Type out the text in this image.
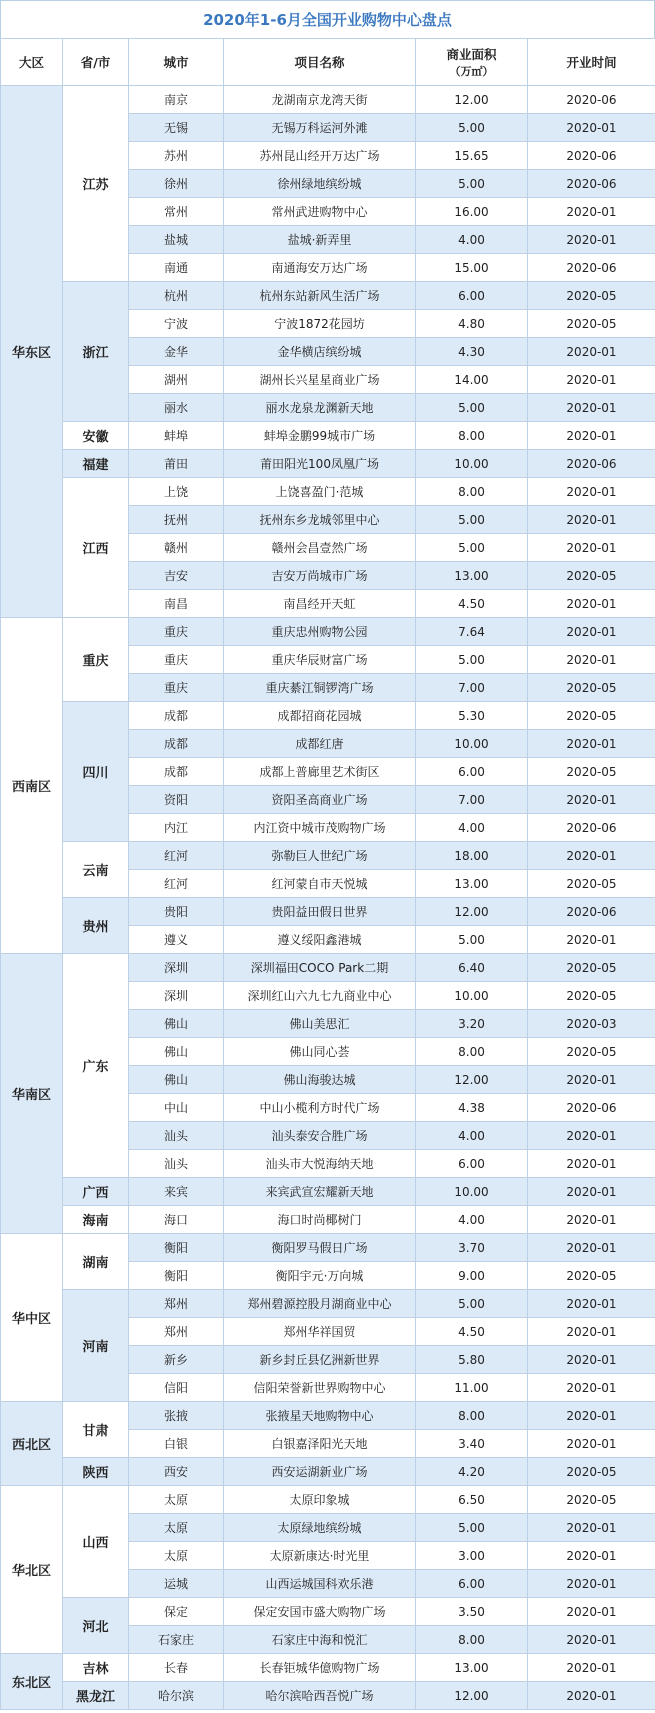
2020年1-6月全国开业购物中心盘点
大区	省/市	城市	项目名称	商业面积
（万㎡）	开业时间
华东区	江苏	南京	龙湖南京龙湾天街	12.00	2020-06
		无锡	无锡万科运河外滩	5.00	2020-01
		苏州	苏州昆山经开万达广场	15.65	2020-06
		徐州	徐州绿地缤纷城	5.00	2020-06
		常州	常州武进购物中心	16.00	2020-01
		盐城	盐城·新弄里	4.00	2020-01
		南通	南通海安万达广场	15.00	2020-06
	浙江	杭州	杭州东站新风生活广场	6.00	2020-05
		宁波	宁波1872花园坊	4.80	2020-05
		金华	金华横店缤纷城	4.30	2020-01
		湖州	湖州长兴星星商业广场	14.00	2020-01
		丽水	丽水龙泉龙渊新天地	5.00	2020-01
	安徽	蚌埠	蚌埠金鹏99城市广场	8.00	2020-01
	福建	莆田	莆田阳光100凤凰广场	10.00	2020-06
	江西	上饶	上饶喜盈门·范城	8.00	2020-01
		抚州	抚州东乡龙城邻里中心	5.00	2020-01
		赣州	赣州会昌壹然广场	5.00	2020-01
		吉安	吉安万尚城市广场	13.00	2020-05
		南昌	南昌经开天虹	4.50	2020-01
西南区	重庆	重庆	重庆忠州购物公园	7.64	2020-01
		重庆	重庆华辰财富广场	5.00	2020-01
		重庆	重庆綦江铜锣湾广场	7.00	2020-05
	四川	成都	成都招商花园城	5.30	2020-05
		成都	成都红唐	10.00	2020-01
		成都	成都上普廊里艺术街区	6.00	2020-05
		资阳	资阳圣高商业广场	7.00	2020-01
		内江	内江资中城市茂购物广场	4.00	2020-06
	云南	红河	弥勒巨人世纪广场	18.00	2020-01
		红河	红河蒙自市天悦城	13.00	2020-05
	贵州	贵阳	贵阳益田假日世界	12.00	2020-06
		遵义	遵义绥阳鑫港城	5.00	2020-01
华南区	广东	深圳	深圳福田COCO Park二期	6.40	2020-05
		深圳	深圳红山六九七九商业中心	10.00	2020-05
		佛山	佛山美思汇	3.20	2020-03
		佛山	佛山同心荟	8.00	2020-05
		佛山	佛山海骏达城	12.00	2020-01
		中山	中山小榄利方时代广场	4.38	2020-06
		汕头	汕头泰安合胜广场	4.00	2020-01
		汕头	汕头市大悦海纳天地	6.00	2020-01
	广西	来宾	来宾武宣宏耀新天地	10.00	2020-01
	海南	海口	海口时尚椰树门	4.00	2020-01
华中区	湖南	衡阳	衡阳罗马假日广场	3.70	2020-01
		衡阳	衡阳宇元·万向城	9.00	2020-05
	河南	郑州	郑州碧源控股月湖商业中心	5.00	2020-01
		郑州	郑州华祥国贸	4.50	2020-01
		新乡	新乡封丘县亿洲新世界	5.80	2020-01
		信阳	信阳荣誉新世界购物中心	11.00	2020-01
西北区	甘肃	张掖	张掖星天地购物中心	8.00	2020-01
		白银	白银嘉泽阳光天地	3.40	2020-01
	陕西	西安	西安运湖新业广场	4.20	2020-05
华北区	山西	太原	太原印象城	6.50	2020-05
		太原	太原绿地缤纷城	5.00	2020-01
		太原	太原新康达·时光里	3.00	2020-01
		运城	山西运城国科欢乐港	6.00	2020-01
	河北	保定	保定安国市盛大购物广场	3.50	2020-01
		石家庄	石家庄中海和悦汇	8.00	2020-01
东北区	吉林	长春	长春钜城华億购物广场	13.00	2020-01
	黑龙江	哈尔滨	哈尔滨哈西吾悦广场	12.00	2020-01
